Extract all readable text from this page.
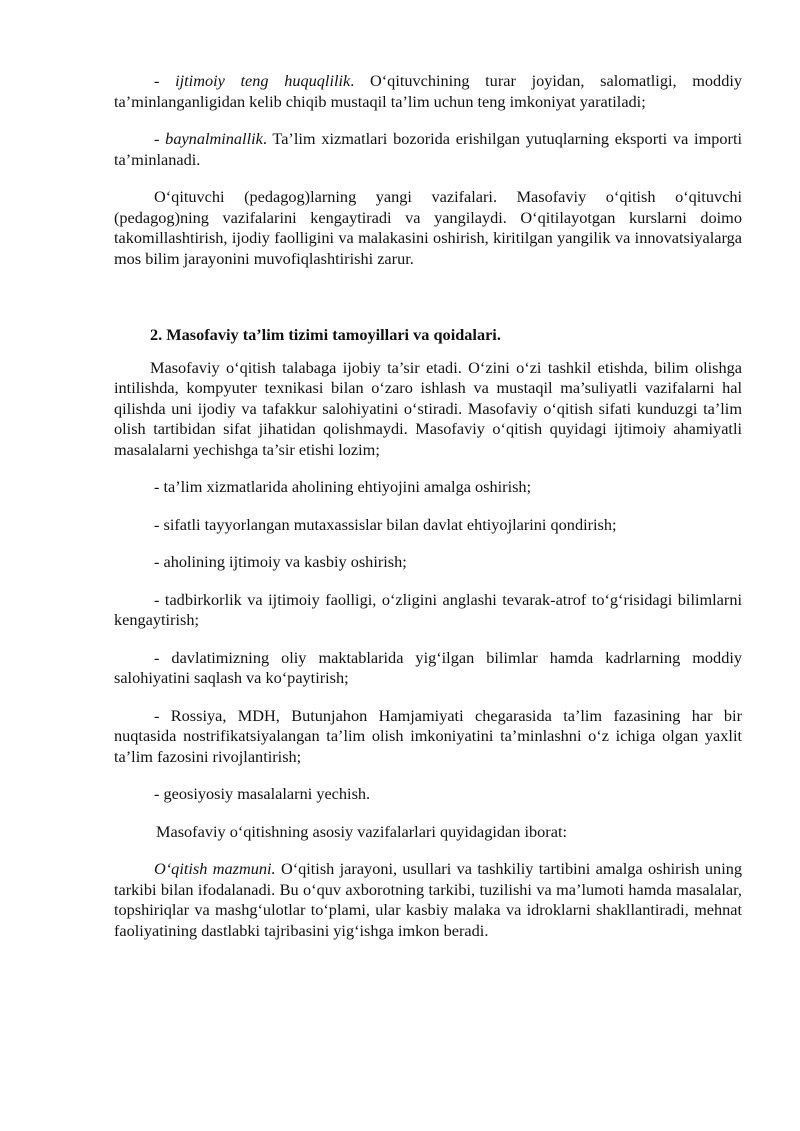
- ijtimoiy teng huquqlilik. O‘qituvchining turar joyidan, salomatligi, moddiy ta’minlanganligidan kelib chiqib mustaqil ta’lim uchun teng imkoniyat yaratiladi;

- baynalminallik. Ta’lim xizmatlari bozorida erishilgan yutuqlarning eksporti va importi ta’minlanadi.

O‘qituvchi (pedagog)larning yangi vazifalari. Masofaviy o‘qitish o‘qituvchi (pedagog)ning vazifalarini kengaytiradi va yangilaydi. O‘qitilayotgan kurslarni doimo takomillashtirish, ijodiy faolligini va malakasini oshirish, kiritilgan yangilik va innovatsiyalarga mos bilim jarayonini muvofiqlashtirishi zarur.

2. Masofaviy ta’lim tizimi tamoyillari va qoidalari.

Masofaviy o‘qitish talabaga ijobiy ta’sir etadi. O‘zini o‘zi tashkil etishda, bilim olishga intilishda, kompyuter texnikasi bilan o‘zaro ishlash va mustaqil ma’suliyatli vazifalarni hal qilishda uni ijodiy va tafakkur salohiyatini o‘stiradi. Masofaviy o‘qitish sifati kunduzgi ta’lim olish tartibidan sifat jihatidan qolishmaydi. Masofaviy o‘qitish quyidagi ijtimoiy ahamiyatli masalalarni yechishga ta’sir etishi lozim;

- ta’lim xizmatlarida aholining ehtiyojini amalga oshirish;

- sifatli tayyorlangan mutaxassislar bilan davlat ehtiyojlarini qondirish;

- aholining ijtimoiy va kasbiy oshirish;

- tadbirkorlik va ijtimoiy faolligi, o‘zligini anglashi tevarak-atrof to‘g‘risidagi bilimlarni kengaytirish;

- davlatimizning oliy maktablarida yig‘ilgan bilimlar hamda kadrlarning moddiy salohiyatini saqlash va ko‘paytirish;

- Rossiya, MDH, Butunjahon Hamjamiyati chegarasida ta’lim fazasining har bir nuqtasida nostrifikatsiyalangan ta’lim olish imkoniyatini ta’minlashni o‘z ichiga olgan yaxlit ta’lim fazosini rivojlantirish;

- geosiyosiy masalalarni yechish.

Masofaviy o‘qitishning asosiy vazifalarlari quyidagidan iborat:

O‘qitish mazmuni. O‘qitish jarayoni, usullari va tashkiliy tartibini amalga oshirish uning tarkibi bilan ifodalanadi. Bu o‘quv axborotning tarkibi, tuzilishi va ma’lumoti hamda masalalar, topshiriqlar va mashg‘ulotlar to‘plami, ular kasbiy malaka va idroklarni shakllantiradi, mehnat faoliyatining dastlabki tajribasini yig‘ishga imkon beradi.
